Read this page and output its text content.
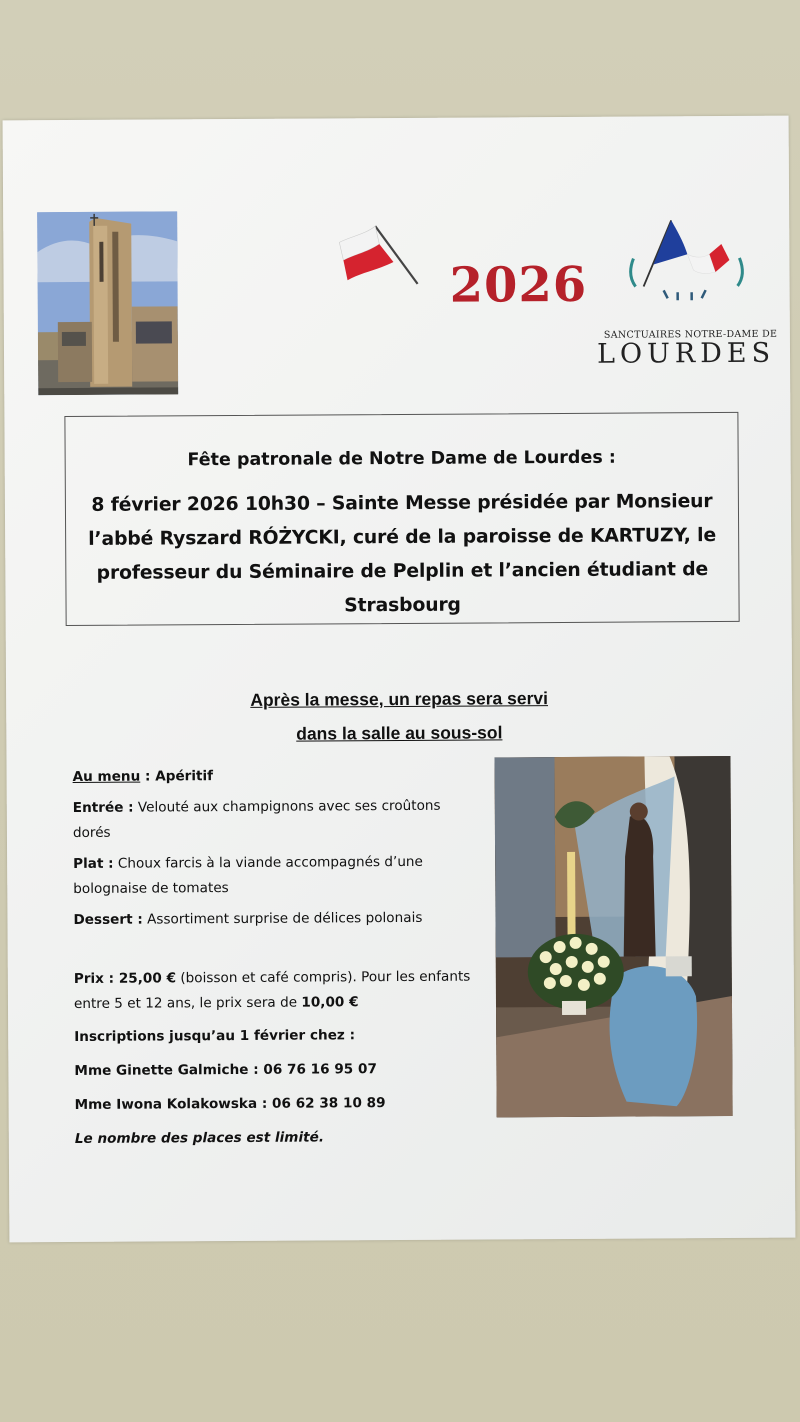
2026
SANCTUAIRES NOTRE-DAME DE
LOURDES
Fête patronale de Notre Dame de Lourdes :
8 février 2026 10h30 – Sainte Messe présidée par Monsieur
l’abbé Ryszard RÓŻYCKI, curé de la paroisse de KARTUZY, le
professeur du Séminaire de Pelplin et l’ancien étudiant de
Strasbourg
Après la messe, un repas sera servi
dans la salle au sous-sol

Au menu : Apéritif

Entrée : Velouté aux champignons avec ses croûtons

dorés

Plat : Choux farcis à la viande accompagnés d’une

bolognaise de tomates

Dessert : Assortiment surprise de délices polonais

Prix : 25,00 € (boisson et café compris). Pour les enfants

entre 5 et 12 ans, le prix sera de 10,00 €

Inscriptions jusqu’au 1 février chez :

Mme Ginette Galmiche : 06 76 16 95 07

Mme Iwona Kolakowska : 06 62 38 10 89

Le nombre des places est limité.
